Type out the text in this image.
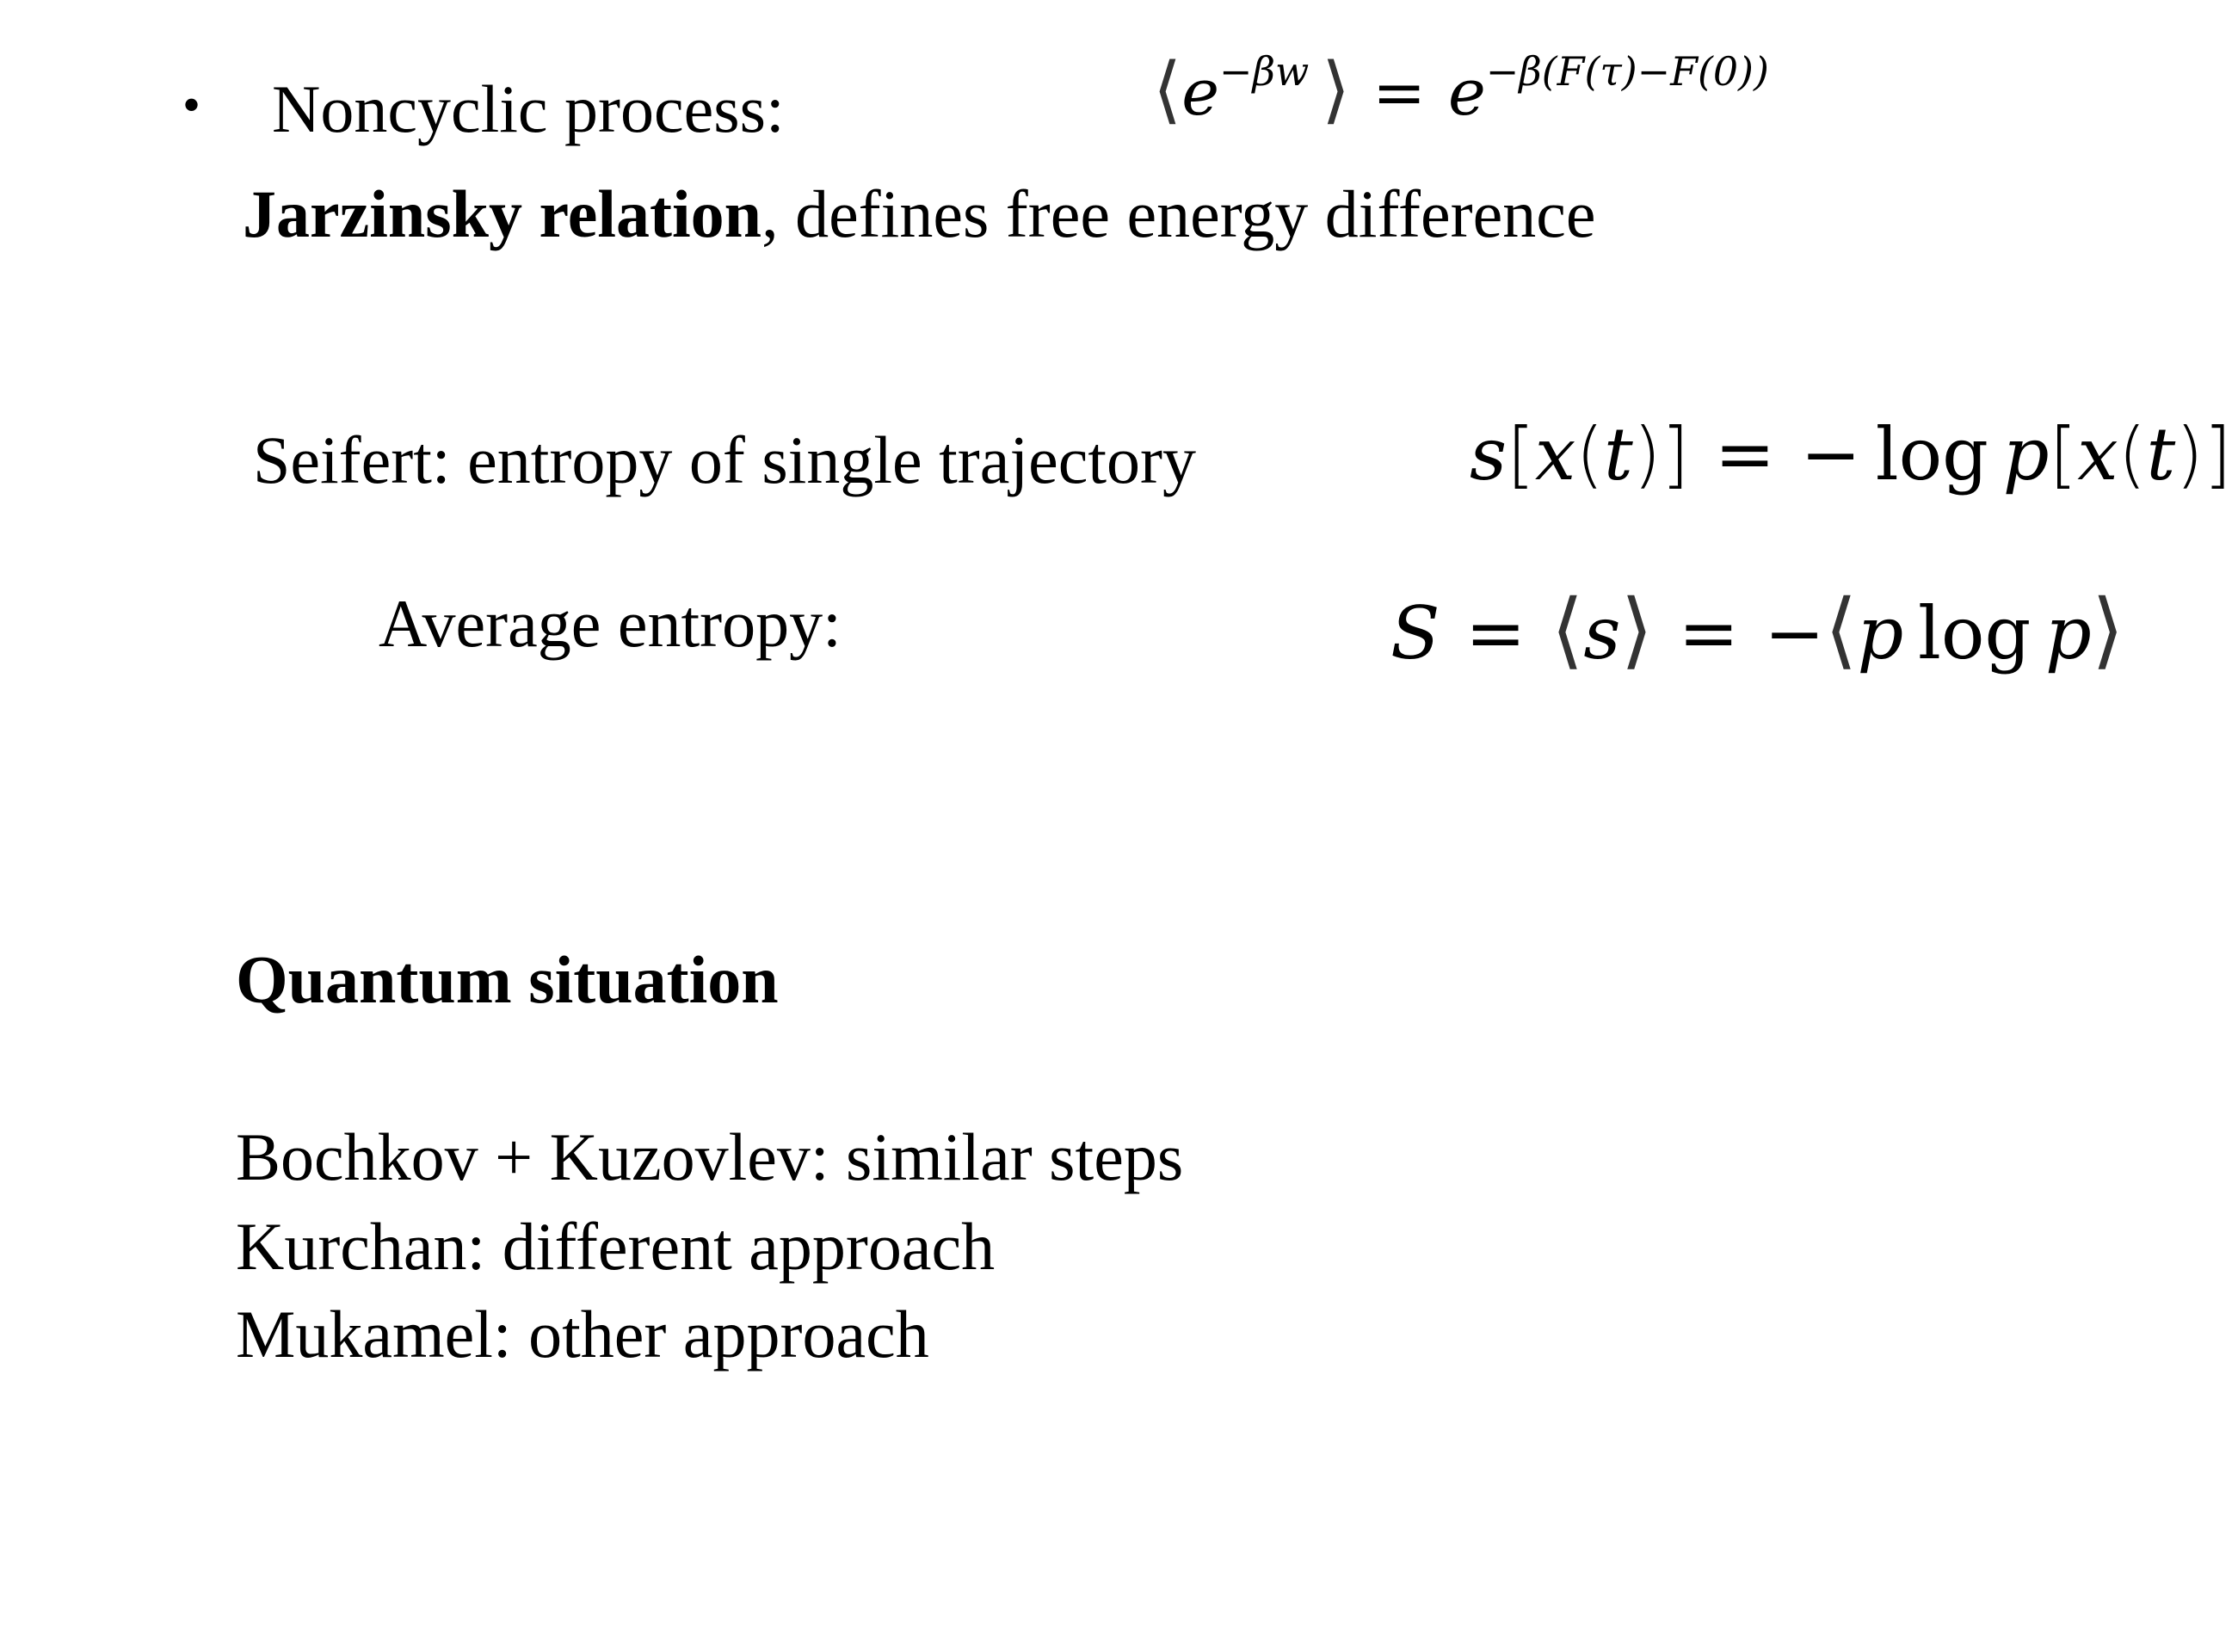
• Noncyclic process:	$⟨e^{-\beta w}$ ⟩ = $e^{-\beta(F(\tau)-F(0))}$
Jarzinsky relation, defines free energy difference
Seifert: entropy of single trajectory	s[x(t)] = − log p[x(t)]
Average entropy:	S = ⟨s⟩ = −⟨p log p⟩
Quantum situation
Bochkov + Kuzovlev: similar steps
Kurchan: different approach
Mukamel: other approach
